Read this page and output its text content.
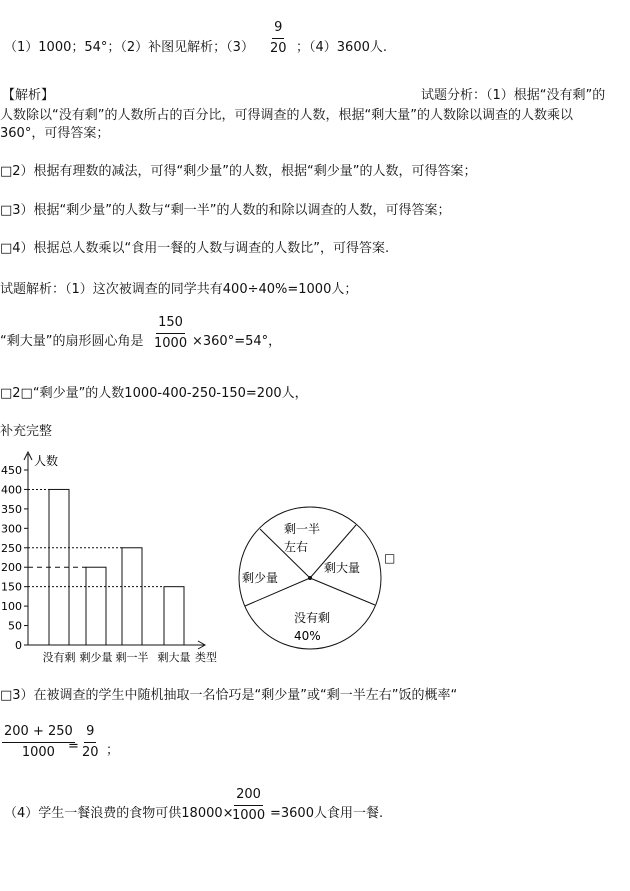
（1）1000；54°；（2）补图见解析；$(3) \frac{9}{20}$ ；（4）3600人.
【解析】	试题分析：（1）根据“没有剩”的
人数除以“没有剩”的人数所占的百分比，可得调查的人数，根据“剩大量”的人数除以调查的人数乘以
360°，可得答案；
□2）根据有理数的减法，可得“剩少量”的人数，根据“剩少量”的人数，可得答案；
□3）根据“剩少量”的人数与“剩一半”的人数的和除以调查的人数，可得答案；
□4）根据总人数乘以“食用一餐的人数与调查的人数比”，可得答案.
试题解析：（1）这次被调查的同学共有400÷40%=1000人；
“剩大量”的扇形圆心角是 $\frac{150}{1000} \times 360^\circ=54^\circ$，
□2□“剩少量”的人数1000-400-250-150=200人，
补充完整
0
50
100
150
200
250
300
350
400
450
人数
没有剩 剩少量 剩一半 剩大量 类型
剩一半
左右
剩大量
剩少量
没有剩
40%
□
□3）在被调查的学生中随机抽取一名恰巧是“剩少量”或“剩一半左右”饭的概率“
$\frac{200 + 250}{1000}$
= $\frac{9}{20}$ ；
（4）学生一餐浪费的食物可供18000×
$\frac{200}{1000} =3600$人食用一餐.
